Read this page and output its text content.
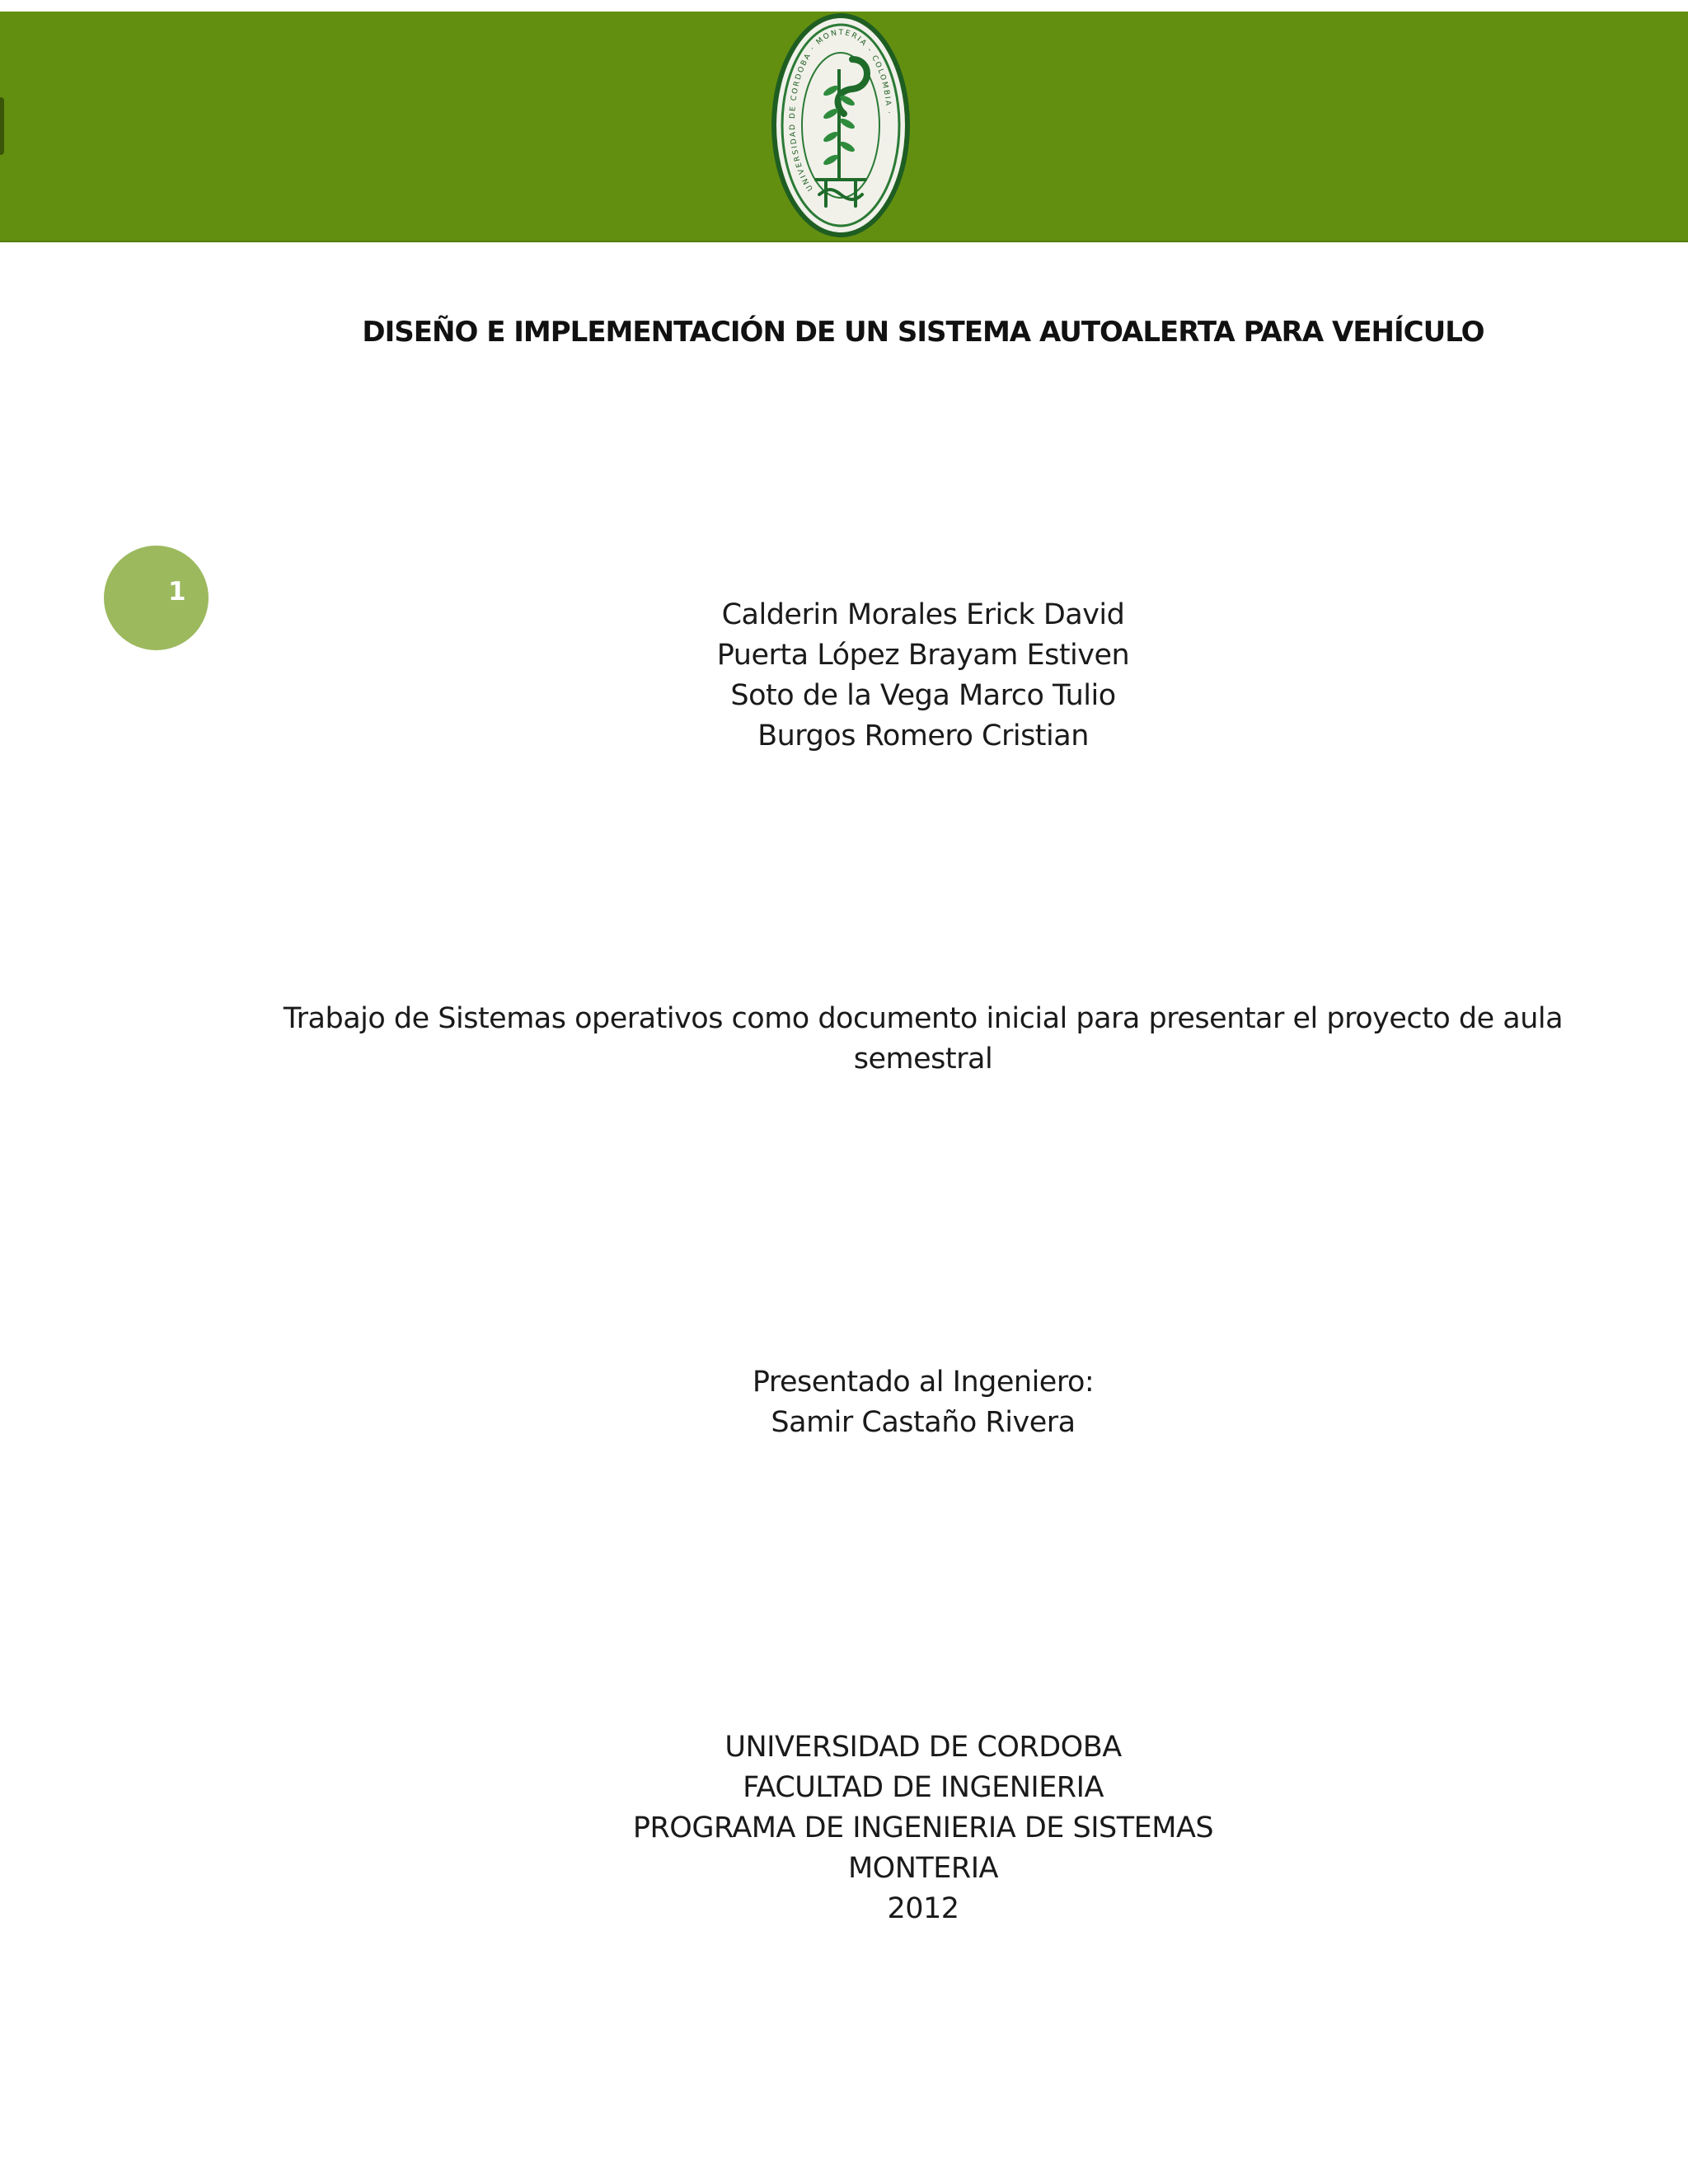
UNIVERSIDAD DE CORDOBA · MONTERIA - COLOMBIA ·
1
DISEÑO E IMPLEMENTACIÓN DE UN SISTEMA AUTOALERTA PARA VEHÍCULO
Calderin Morales Erick David
Puerta López Brayam Estiven
Soto de la Vega Marco Tulio
Burgos Romero Cristian
Trabajo de Sistemas operativos como documento inicial para presentar el proyecto de aula
semestral
Presentado al Ingeniero:
Samir Castaño Rivera
UNIVERSIDAD DE CORDOBA
FACULTAD DE INGENIERIA
PROGRAMA DE INGENIERIA DE SISTEMAS
MONTERIA
2012
